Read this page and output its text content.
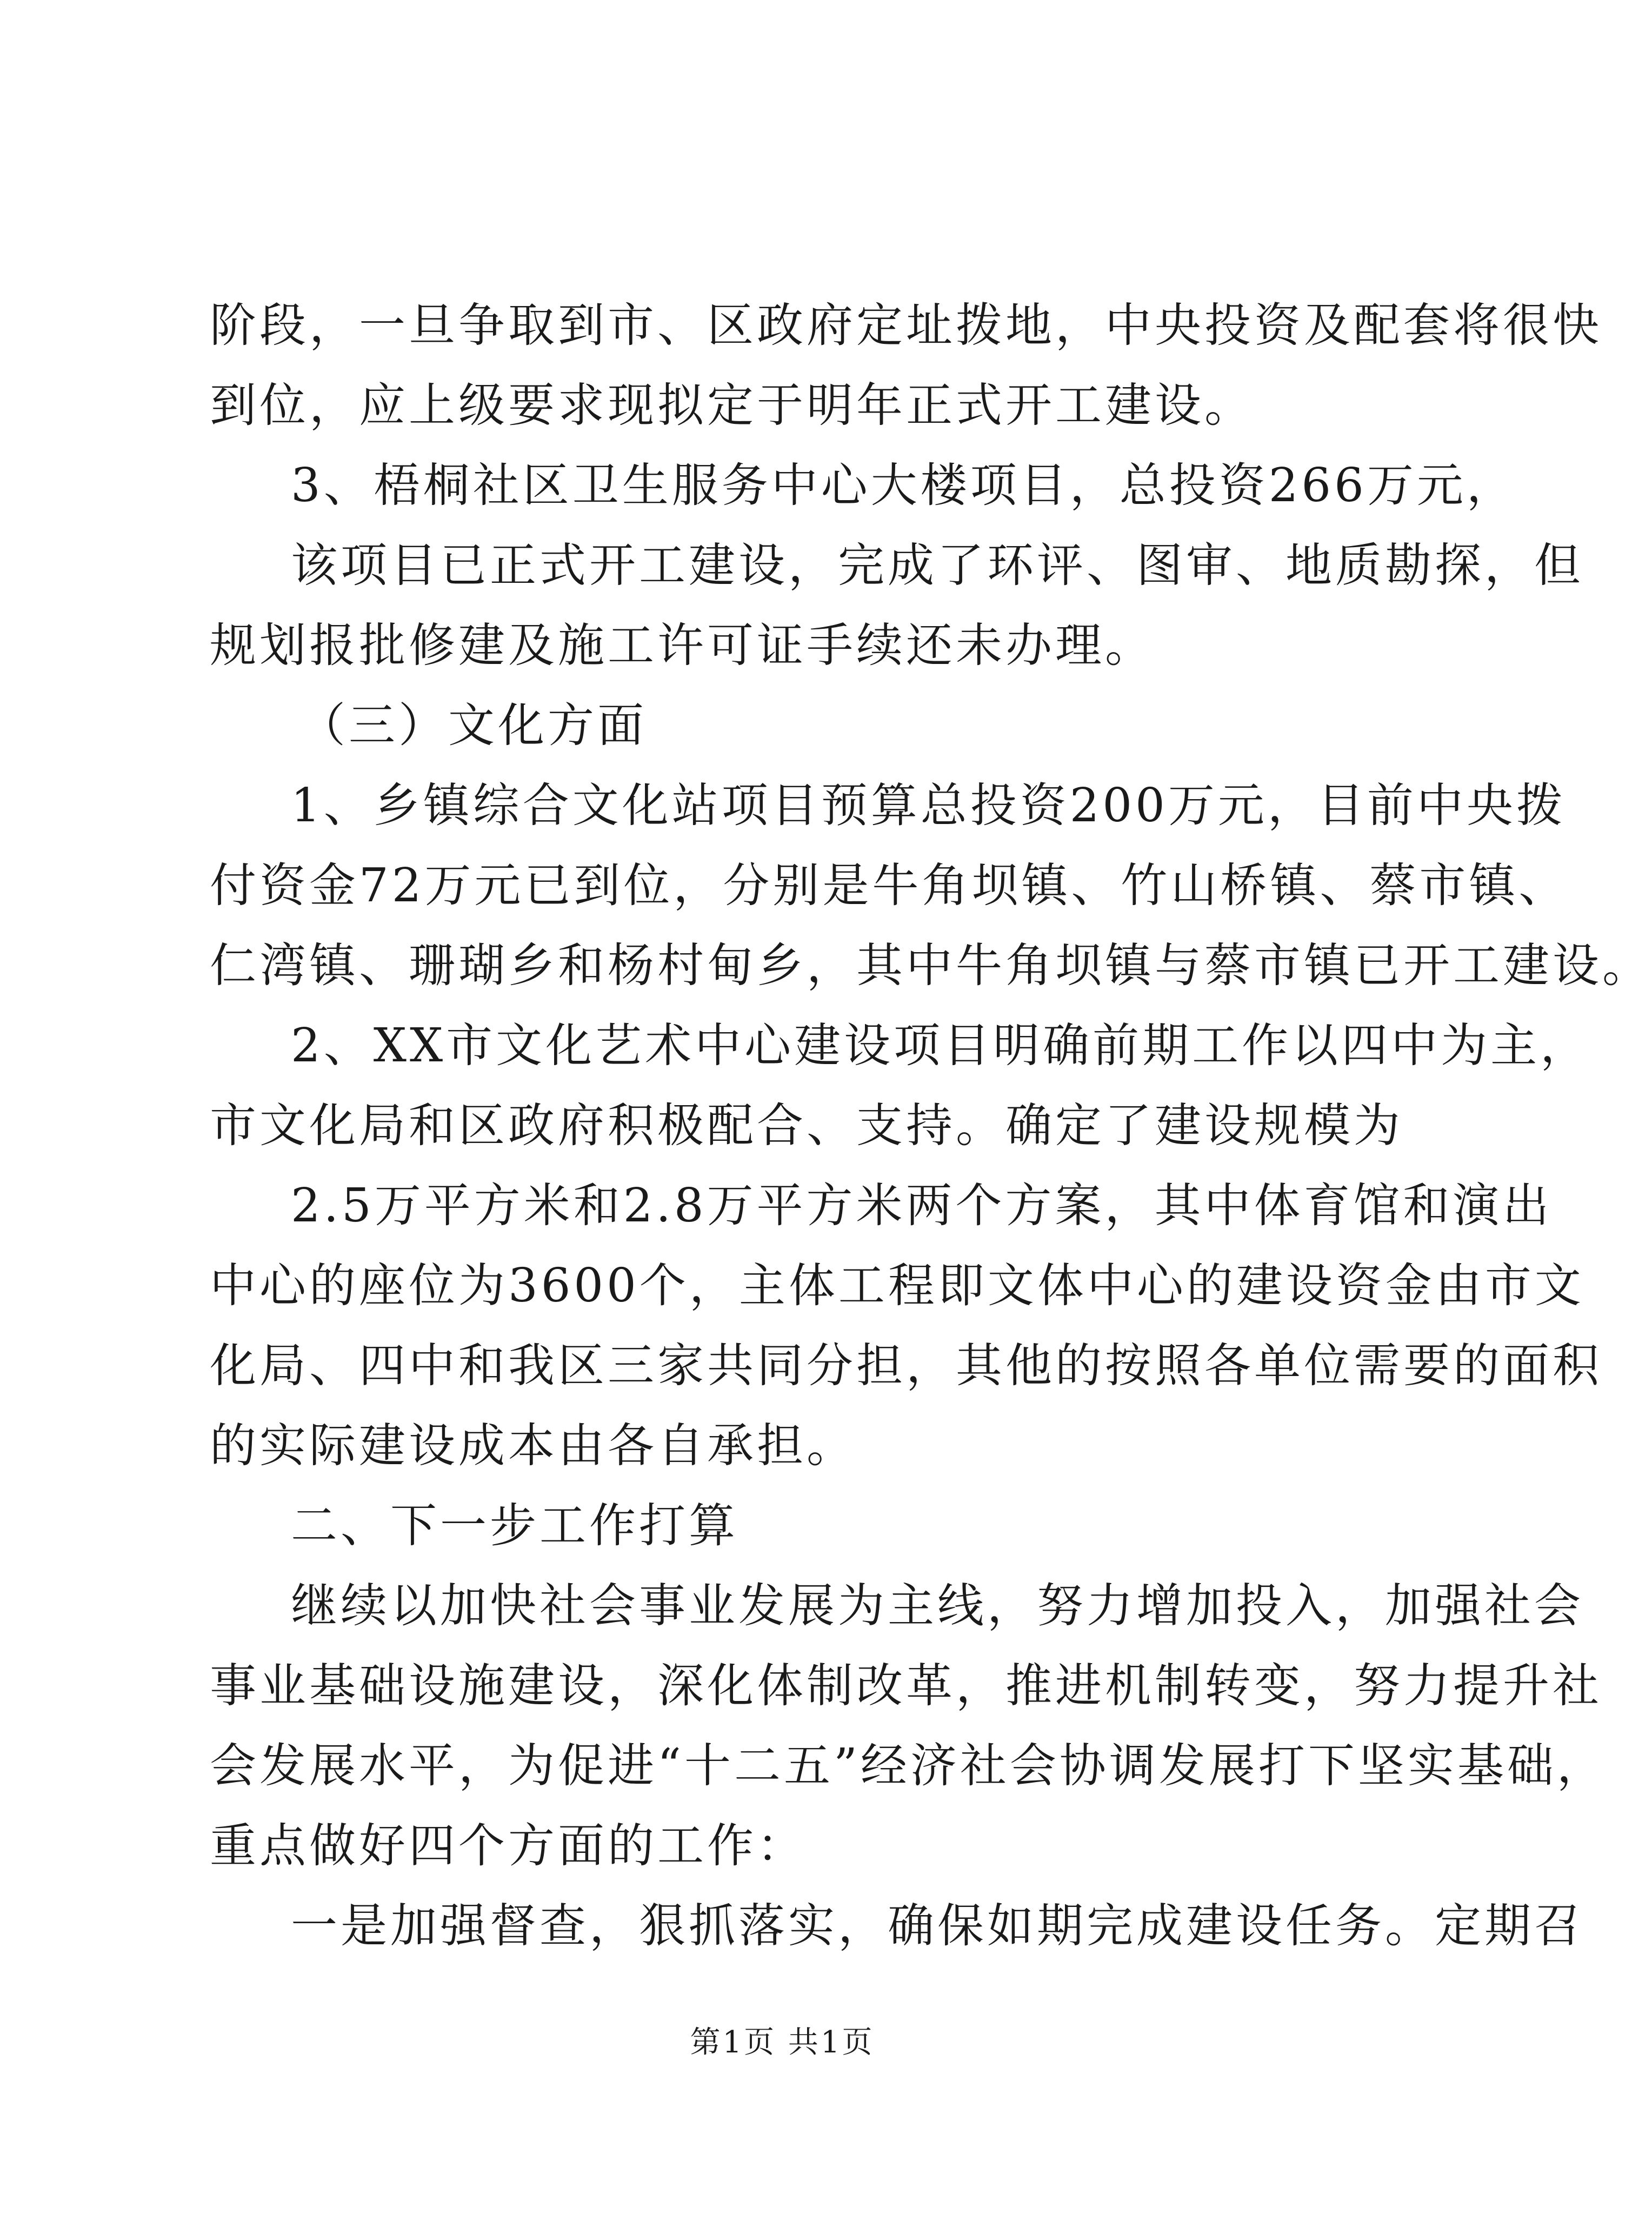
阶段，一旦争取到市、区政府定址拨地，中央投资及配套将很快
到位，应上级要求现拟定于明年正式开工建设。
3、梧桐社区卫生服务中心大楼项目，总投资266万元，
该项目已正式开工建设，完成了环评、图审、地质勘探，但
规划报批修建及施工许可证手续还未办理。
（三）文化方面
1、乡镇综合文化站项目预算总投资200万元，目前中央拨
付资金72万元已到位，分别是牛角坝镇、竹山桥镇、蔡市镇、
仁湾镇、珊瑚乡和杨村甸乡，其中牛角坝镇与蔡市镇已开工建设。
2、XX市文化艺术中心建设项目明确前期工作以四中为主，
市文化局和区政府积极配合、支持。确定了建设规模为
2.5万平方米和2.8万平方米两个方案，其中体育馆和演出
中心的座位为3600个，主体工程即文体中心的建设资金由市文
化局、四中和我区三家共同分担，其他的按照各单位需要的面积
的实际建设成本由各自承担。
二、下一步工作打算
继续以加快社会事业发展为主线，努力增加投入，加强社会
事业基础设施建设，深化体制改革，推进机制转变，努力提升社
会发展水平，为促进“十二五”经济社会协调发展打下坚实基础，
重点做好四个方面的工作：
一是加强督查，狠抓落实，确保如期完成建设任务。定期召
第1页 共1页
